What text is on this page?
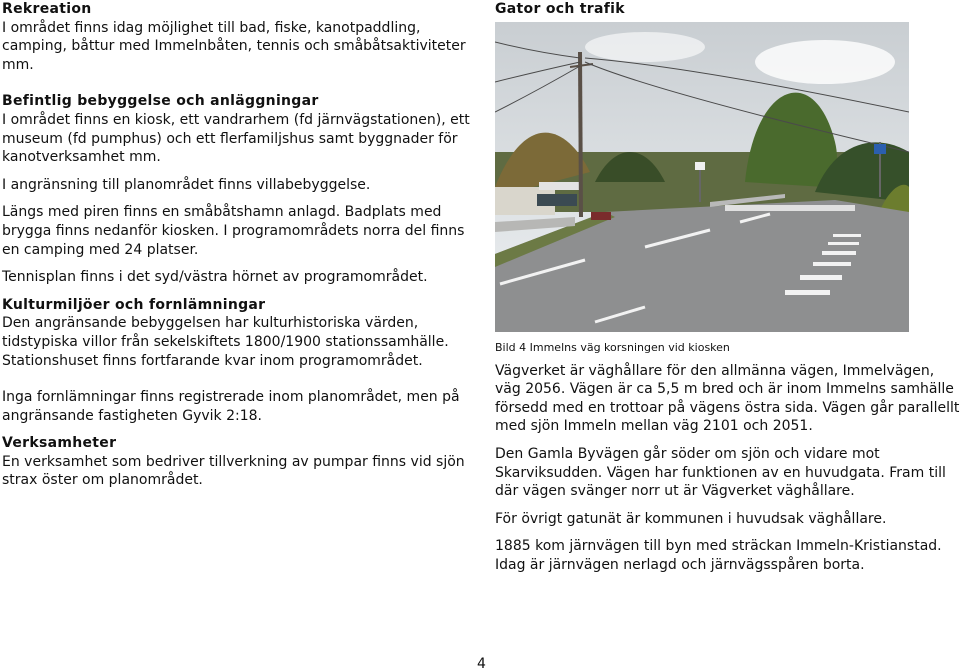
Rekreation

I området finns idag möjlighet till bad, fiske, kanotpaddling, camping, båttur med Immelnbåten, tennis och småbåtsaktiviteter mm.

Befintlig bebyggelse och anläggningar

I området finns en kiosk, ett vandrarhem (fd järnvägstationen), ett museum (fd pumphus) och ett flerfamiljshus samt byggnader för kanotverksamhet mm.

I angränsning till planområdet finns villabebyggelse.

Längs med piren finns en småbåtshamn anlagd. Badplats med brygga finns nedanför kiosken. I programområdets norra del finns en camping med 24 platser.

Tennisplan finns i det syd/västra hörnet av programområdet.

Kulturmiljöer och fornlämningar

Den angränsande bebyggelsen har kulturhistoriska värden, tidstypiska villor från sekelskiftets 1800/1900 stationssamhälle. Stationshuset finns fortfarande kvar inom programområdet.

Inga fornlämningar finns registrerade inom planområdet, men på angränsande fastigheten Gyvik 2:18.

Verksamheter

En verksamhet som bedriver tillverkning av pumpar finns vid sjön strax öster om planområdet.

Gator och trafik

Bild 4 Immelns väg korsningen vid kiosken

Vägverket är väghållare för den allmänna vägen, Immelvägen, väg 2056. Vägen är ca 5,5 m bred och är inom Immelns samhälle försedd med en trottoar på vägens östra sida. Vägen går parallellt med sjön Immeln mellan väg 2101 och 2051.

Den Gamla Byvägen går söder om sjön och vidare mot Skarviksudden. Vägen har funktionen av en huvudgata. Fram till där vägen svänger norr ut är Vägverket väghållare.

För övrigt gatunät är kommunen i huvudsak väghållare.

1885 kom järnvägen till byn med sträckan Immeln-Kristianstad. Idag är järnvägen nerlagd och järnvägsspåren borta.

4
